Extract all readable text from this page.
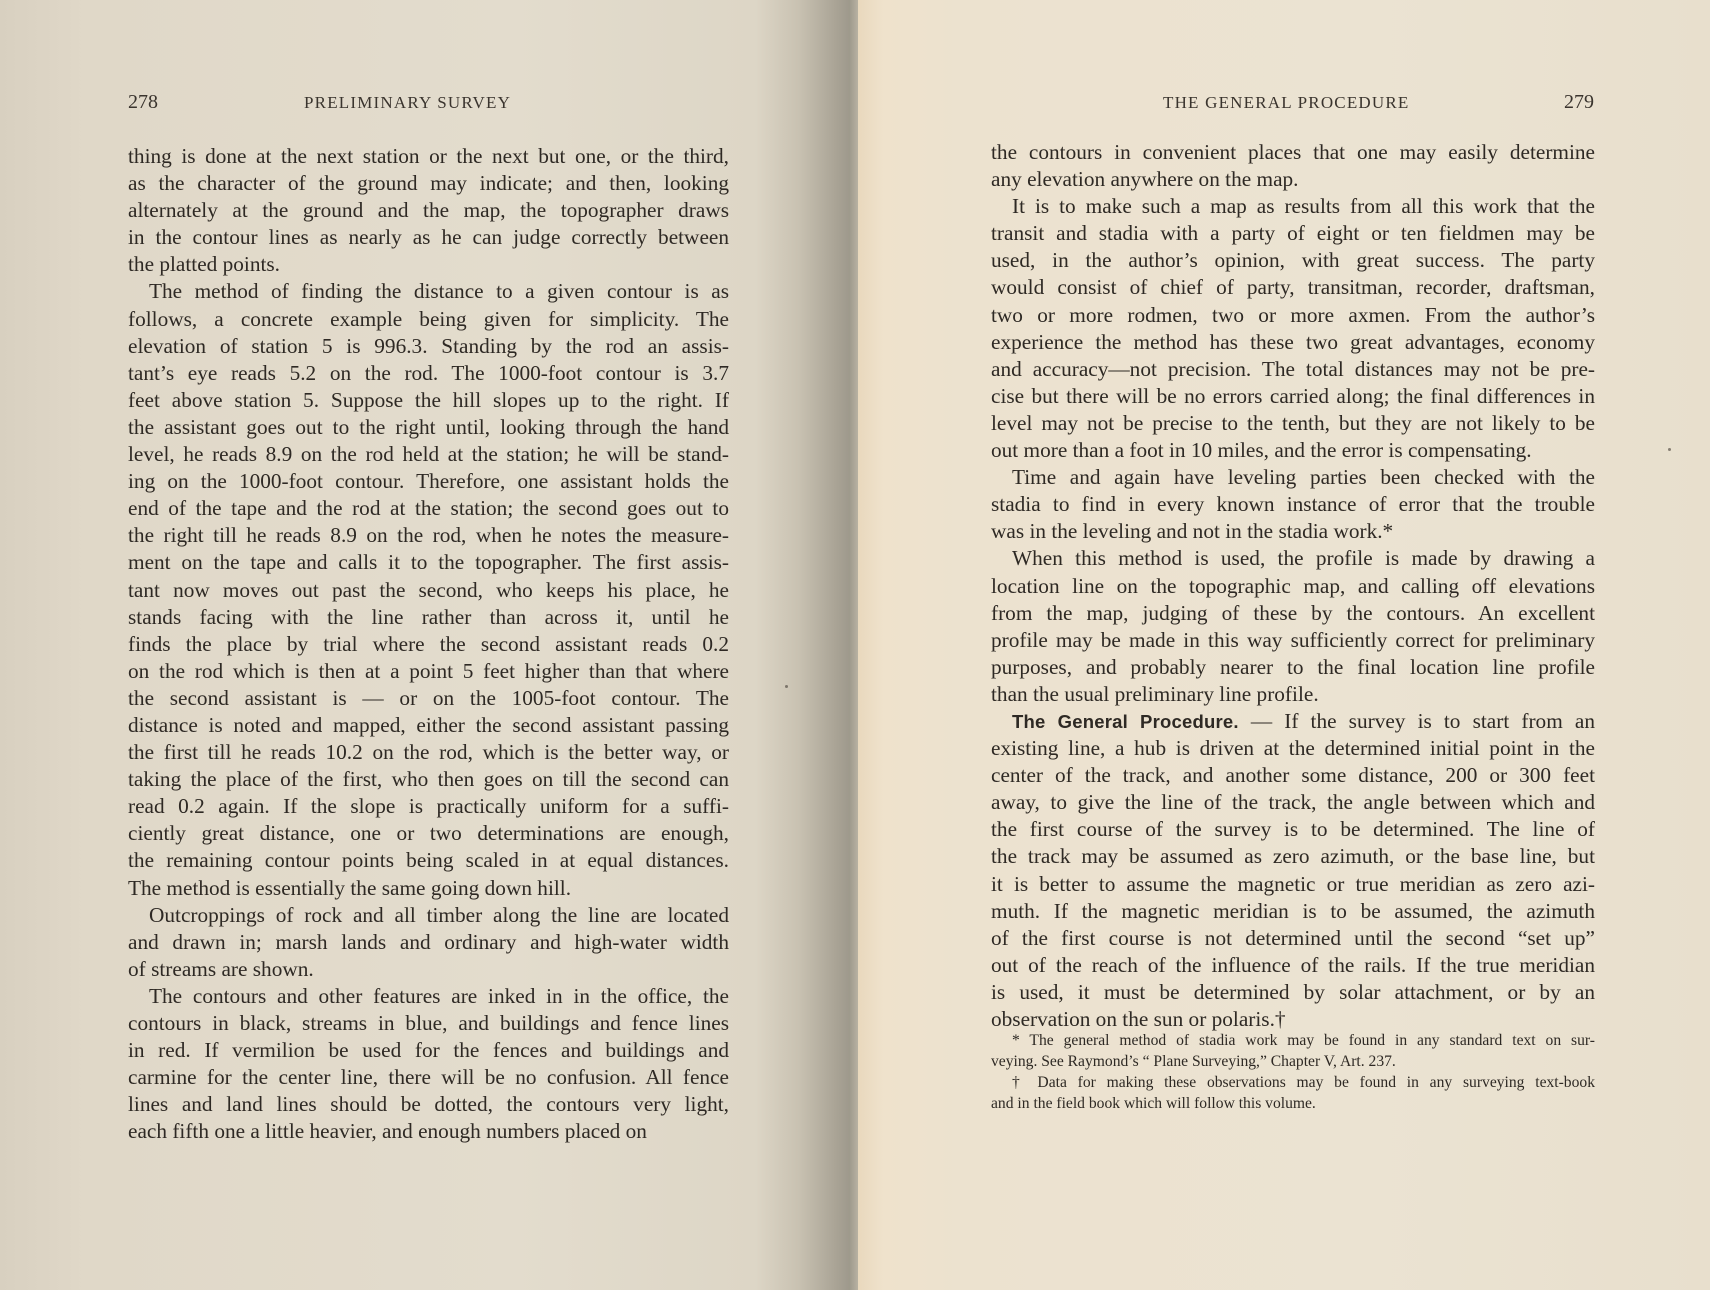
278	PRELIMINARY SURVEY

thing is done at the next station or the next but one, or the third,
as the character of the ground may indicate; and then, looking
alternately at the ground and the map, the topographer draws
in the contour lines as nearly as he can judge correctly between
the platted points.

The method of finding the distance to a given contour is as
follows, a concrete example being given for simplicity. The
elevation of station 5 is 996.3. Standing by the rod an assis-
tant’s eye reads 5.2 on the rod. The 1000-foot contour is 3.7
feet above station 5. Suppose the hill slopes up to the right. If
the assistant goes out to the right until, looking through the hand
level, he reads 8.9 on the rod held at the station; he will be stand-
ing on the 1000-foot contour. Therefore, one assistant holds the
end of the tape and the rod at the station; the second goes out to
the right till he reads 8.9 on the rod, when he notes the measure-
ment on the tape and calls it to the topographer. The first assis-
tant now moves out past the second, who keeps his place, he
stands facing with the line rather than across it, until he
finds the place by trial where the second assistant reads 0.2
on the rod which is then at a point 5 feet higher than that where
the second assistant is — or on the 1005-foot contour. The
distance is noted and mapped, either the second assistant passing
the first till he reads 10.2 on the rod, which is the better way, or
taking the place of the first, who then goes on till the second can
read 0.2 again. If the slope is practically uniform for a suffi-
ciently great distance, one or two determinations are enough,
the remaining contour points being scaled in at equal distances.
The method is essentially the same going down hill.

Outcroppings of rock and all timber along the line are located
and drawn in; marsh lands and ordinary and high-water width
of streams are shown.

The contours and other features are inked in in the office, the
contours in black, streams in blue, and buildings and fence lines
in red. If vermilion be used for the fences and buildings and
carmine for the center line, there will be no confusion. All fence
lines and land lines should be dotted, the contours very light,
each fifth one a little heavier, and enough numbers placed on

THE GENERAL PROCEDURE	279

the contours in convenient places that one may easily determine
any elevation anywhere on the map.

It is to make such a map as results from all this work that the
transit and stadia with a party of eight or ten fieldmen may be
used, in the author’s opinion, with great success. The party
would consist of chief of party, transitman, recorder, draftsman,
two or more rodmen, two or more axmen. From the author’s
experience the method has these two great advantages, economy
and accuracy—not precision. The total distances may not be pre-
cise but there will be no errors carried along; the final differences in
level may not be precise to the tenth, but they are not likely to be
out more than a foot in 10 miles, and the error is compensating.

Time and again have leveling parties been checked with the
stadia to find in every known instance of error that the trouble
was in the leveling and not in the stadia work.*

When this method is used, the profile is made by drawing a
location line on the topographic map, and calling off elevations
from the map, judging of these by the contours. An excellent
profile may be made in this way sufficiently correct for preliminary
purposes, and probably nearer to the final location line profile
than the usual preliminary line profile.

The General Procedure. — If the survey is to start from an
existing line, a hub is driven at the determined initial point in the
center of the track, and another some distance, 200 or 300 feet
away, to give the line of the track, the angle between which and
the first course of the survey is to be determined. The line of
the track may be assumed as zero azimuth, or the base line, but
it is better to assume the magnetic or true meridian as zero azi-
muth. If the magnetic meridian is to be assumed, the azimuth
of the first course is not determined until the second “set up”
out of the reach of the influence of the rails. If the true meridian
is used, it must be determined by solar attachment, or by an
observation on the sun or polaris.†

* The general method of stadia work may be found in any standard text on sur-
veying. See Raymond’s “ Plane Surveying,” Chapter V, Art. 237.
† Data for making these observations may be found in any surveying text-book
and in the field book which will follow this volume.
